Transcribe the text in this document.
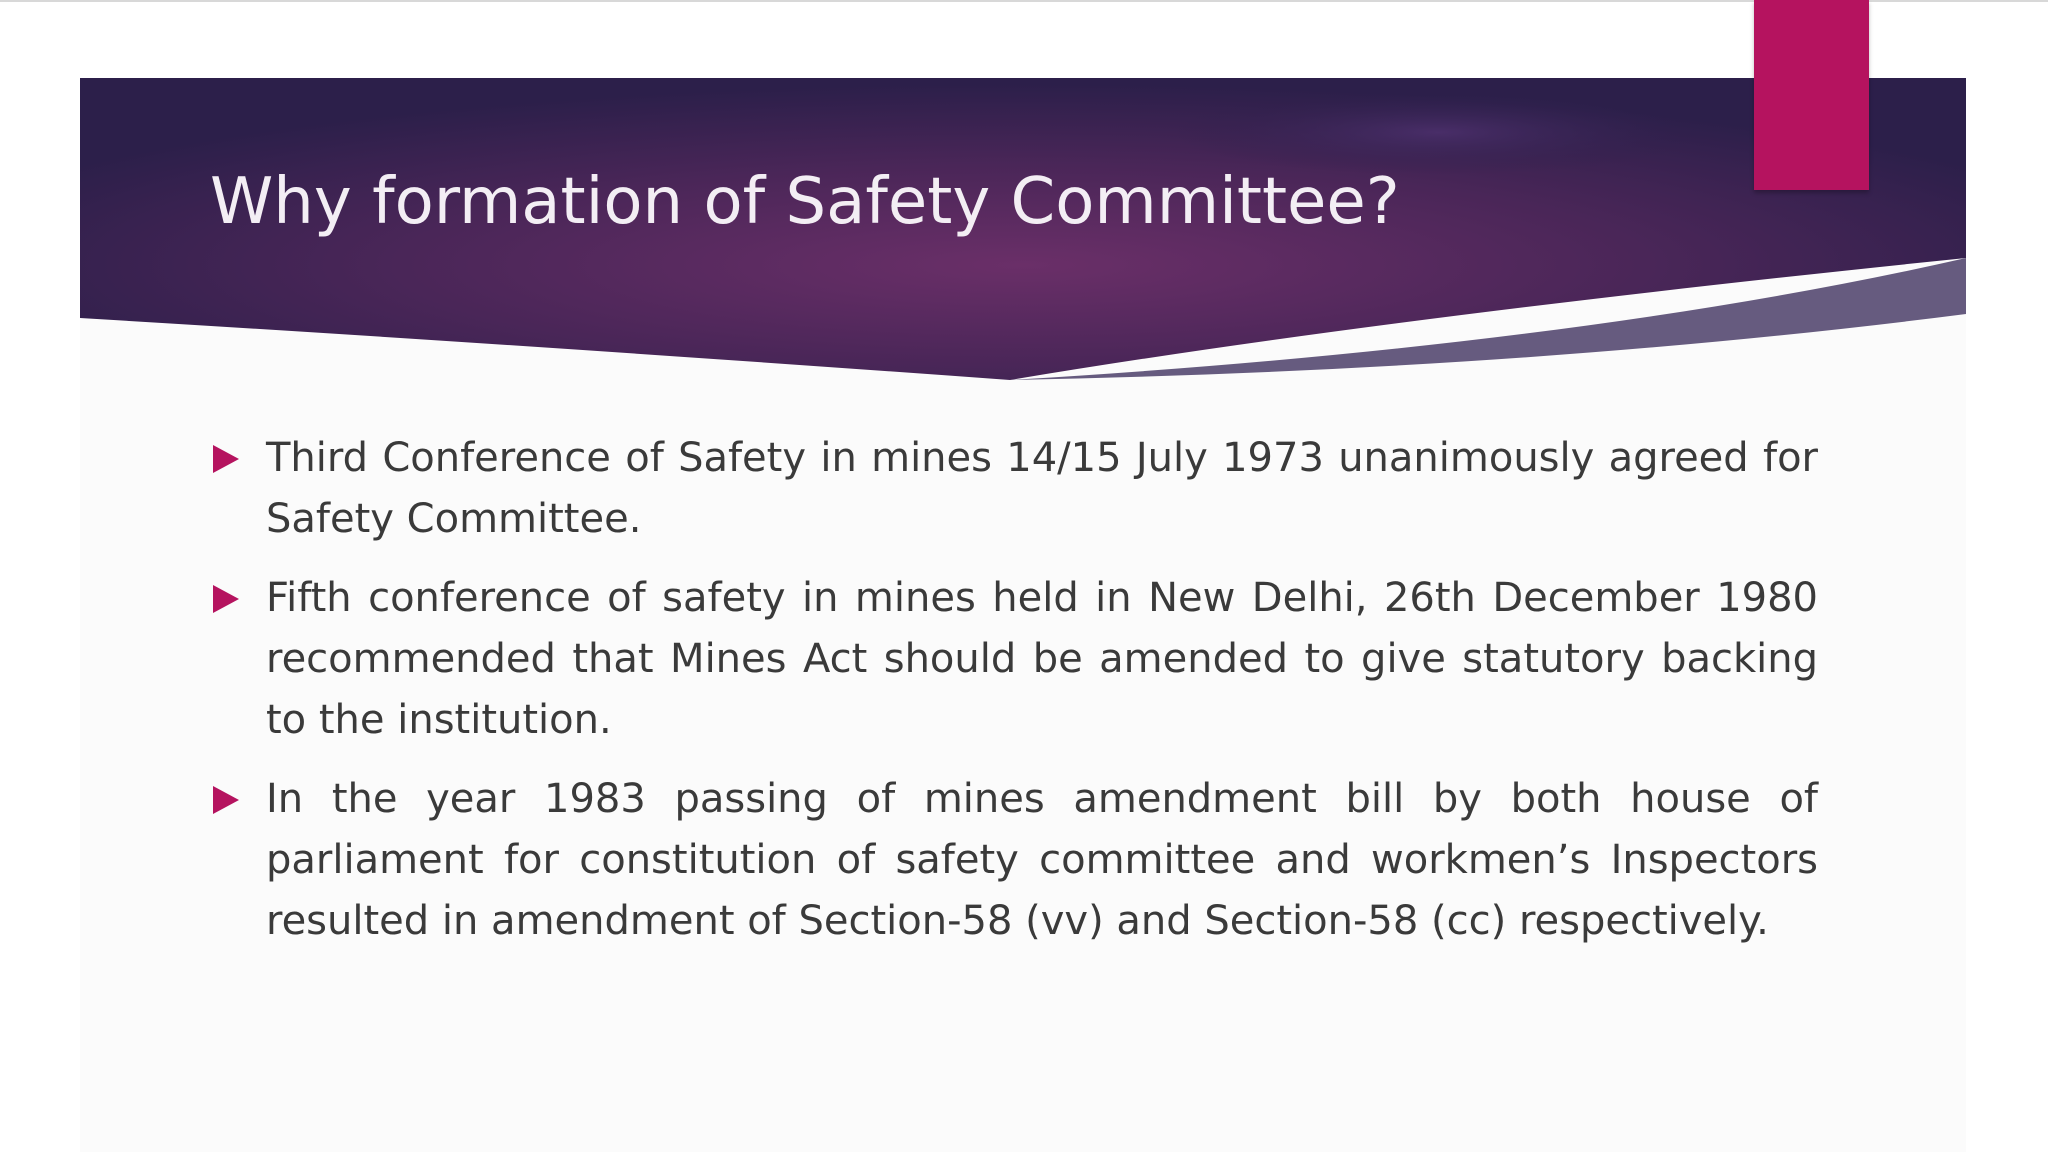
Why formation of Safety Committee?
Third Conference of Safety in mines 14/15 July 1973 unanimously agreed for Safety Committee.
Fifth conference of safety in mines held in New Delhi, 26th December 1980 recommended that Mines Act should be amended to give statutory backing to the institution.
In the year 1983 passing of mines amendment bill by both house of parliament for constitution of safety committee and workmen’s Inspectors resulted in amendment of Section-58 (vv) and Section-58 (cc) respectively.
